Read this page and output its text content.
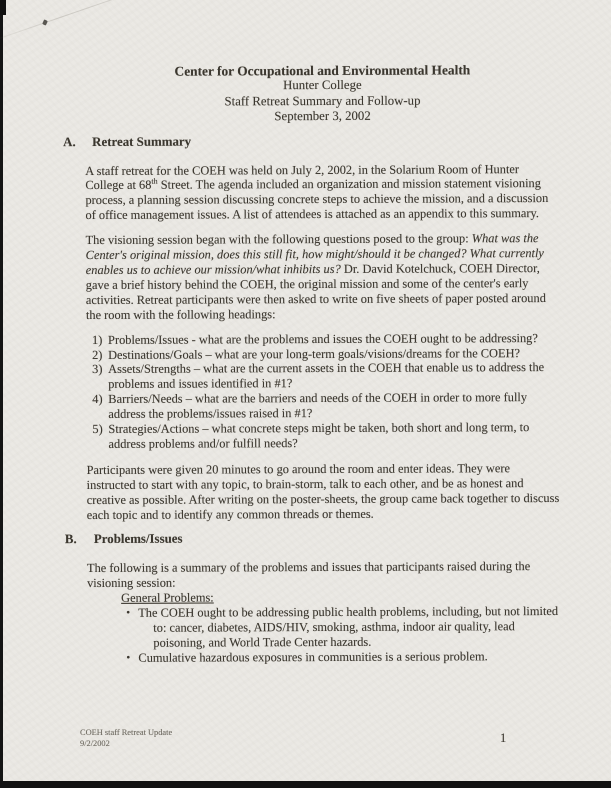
Center for Occupational and Environmental Health
Hunter College
Staff Retreat Summary and Follow-up
September 3, 2002
A. Retreat Summary

A staff retreat for the COEH was held on July 2, 2002, in the Solarium Room of Hunter College at 68th Street. The agenda included an organization and mission statement visioning process, a planning session discussing concrete steps to achieve the mission, and a discussion of office management issues. A list of attendees is attached as an appendix to this summary.

The visioning session began with the following questions posed to the group: What was the Center's original mission, does this still fit, how might/should it be changed? What currently enables us to achieve our mission/what inhibits us? Dr. David Kotelchuck, COEH Director, gave a brief history behind the COEH, the original mission and some of the center's early activities. Retreat participants were then asked to write on five sheets of paper posted around the room with the following headings:

1) Problems/Issues - what are the problems and issues the COEH ought to be addressing?
2) Destinations/Goals – what are your long-term goals/visions/dreams for the COEH?
3) Assets/Strengths – what are the current assets in the COEH that enable us to address the problems and issues identified in #1?
4) Barriers/Needs – what are the barriers and needs of the COEH in order to more fully address the problems/issues raised in #1?
5) Strategies/Actions – what concrete steps might be taken, both short and long term, to address problems and/or fulfill needs?

Participants were given 20 minutes to go around the room and enter ideas. They were instructed to start with any topic, to brain-storm, talk to each other, and be as honest and creative as possible. After writing on the poster-sheets, the group came back together to discuss each topic and to identify any common threads or themes.

B. Problems/Issues

The following is a summary of the problems and issues that participants raised during the visioning session:

General Problems:
• The COEH ought to be addressing public health problems, including, but not limited to: cancer, diabetes, AIDS/HIV, smoking, asthma, indoor air quality, lead poisoning, and World Trade Center hazards.
• Cumulative hazardous exposures in communities is a serious problem.
COEH staff Retreat Update
9/2/2002	1
